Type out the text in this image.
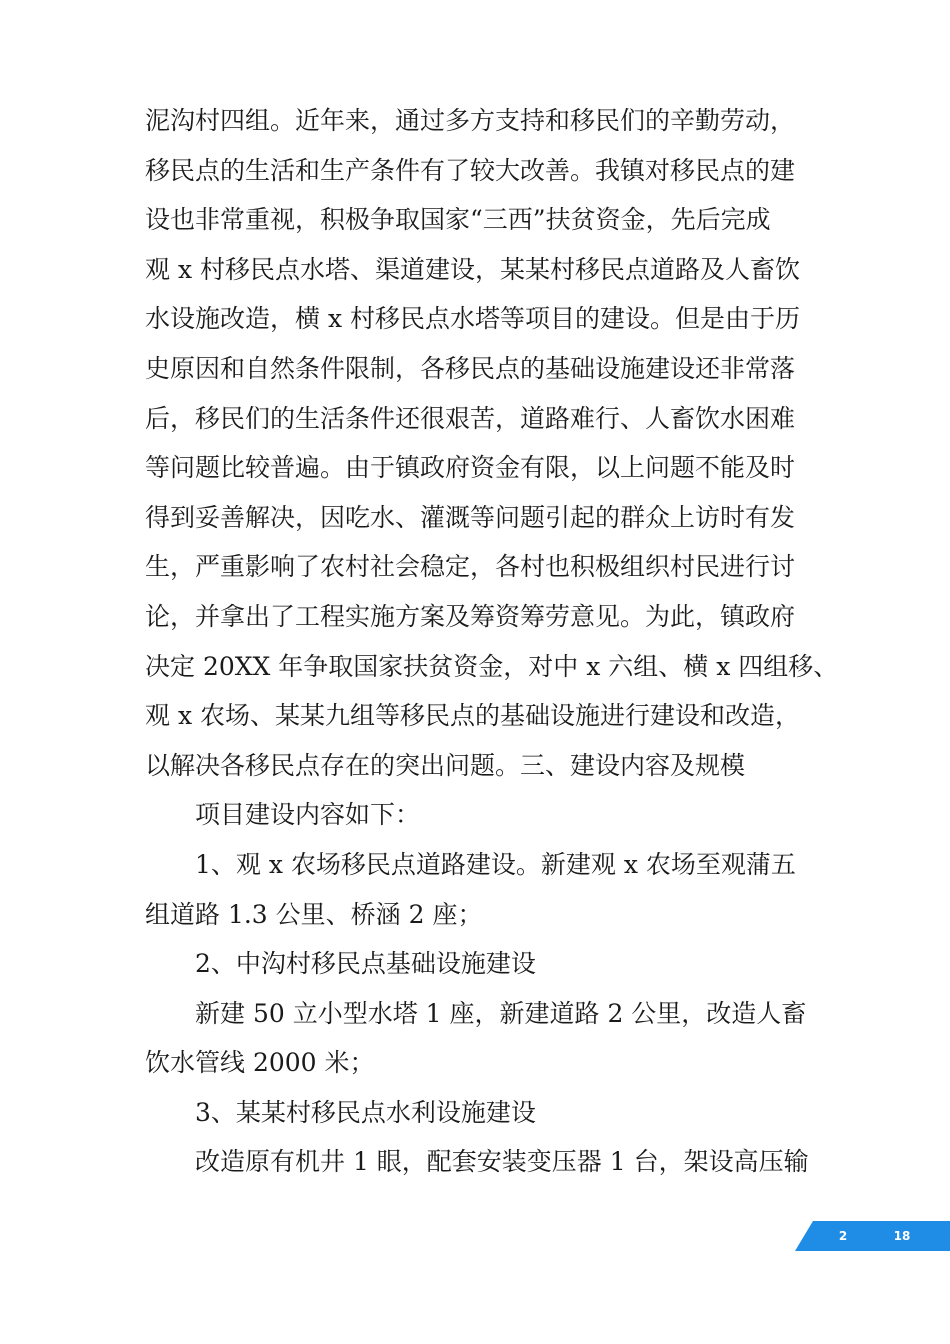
泥沟村四组。近年来，通过多方支持和移民们的辛勤劳动，
移民点的生活和生产条件有了较大改善。我镇对移民点的建
设也非常重视，积极争取国家“三西”扶贫资金，先后完成
观 x 村移民点水塔、渠道建设，某某村移民点道路及人畜饮
水设施改造，横 x 村移民点水塔等项目的建设。但是由于历
史原因和自然条件限制，各移民点的基础设施建设还非常落
后，移民们的生活条件还很艰苦，道路难行、人畜饮水困难
等问题比较普遍。由于镇政府资金有限，以上问题不能及时
得到妥善解决，因吃水、灌溉等问题引起的群众上访时有发
生，严重影响了农村社会稳定，各村也积极组织村民进行讨
论，并拿出了工程实施方案及筹资筹劳意见。为此，镇政府
决定 20XX 年争取国家扶贫资金，对中 x 六组、横 x 四组移、
观 x 农场、某某九组等移民点的基础设施进行建设和改造，
以解决各移民点存在的突出问题。三、建设内容及规模
项目建设内容如下：
1、观 x 农场移民点道路建设。新建观 x 农场至观蒲五
组道路 1.3 公里、桥涵 2 座；
2、中沟村移民点基础设施建设
新建 50 立小型水塔 1 座，新建道路 2 公里，改造人畜
饮水管线 2000 米；
3、某某村移民点水利设施建设
改造原有机井 1 眼，配套安装变压器 1 台，架设高压输
2	18
